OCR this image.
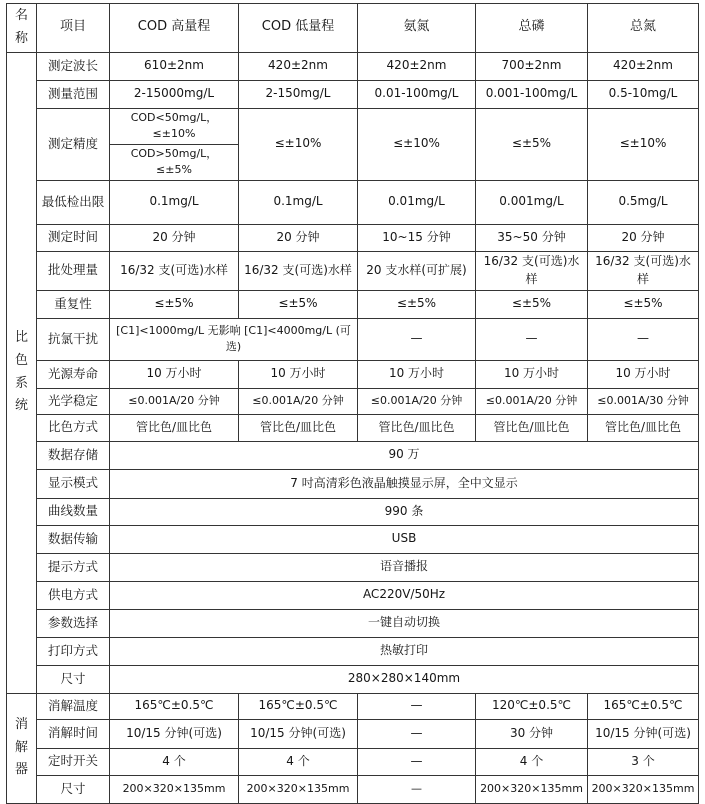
名称	项目	COD 高量程	COD 低量程	氨氮	总磷	总氮

比色系统	测定波长	610±2nm	420±2nm	420±2nm	700±2nm	420±2nm
	测量范围	2-15000mg/L	2-150mg/L	0.01-100mg/L	0.001-100mg/L	0.5-10mg/L
	测定精度	COD<50mg/L，≤±10%	≤±10%	≤±10%	≤±5%	≤±10%
		COD>50mg/L， ≤±5%				
	最低检出限	0.1mg/L	0.1mg/L	0.01mg/L	0.001mg/L	0.5mg/L
	测定时间	20 分钟	20 分钟	10~15 分钟	35~50 分钟	20 分钟
	批处理量	16/32 支(可选)水样	16/32 支(可选)水样	20 支水样(可扩展)	16/32 支(可选)水样	16/32 支(可选)水样
	重复性	≤±5%	≤±5%	≤±5%	≤±5%	≤±5%
	抗氯干扰	[C1]<1000mg/L 无影响 [C1]<4000mg/L (可选)		—	—	—
	光源寿命	10 万小时	10 万小时	10 万小时	10 万小时	10 万小时
	光学稳定	≤0.001A/20 分钟	≤0.001A/20 分钟	≤0.001A/20 分钟	≤0.001A/20 分钟	≤0.001A/30 分钟
	比色方式	管比色/皿比色	管比色/皿比色	管比色/皿比色	管比色/皿比色	管比色/皿比色
	数据存储	90 万				
	显示模式	7 吋高清彩色液晶触摸显示屏，全中文显示				
	曲线数量	990 条				
	数据传输	USB				
	提示方式	语音播报				
	供电方式	AC220V/50Hz				
	参数选择	一键自动切换				
	打印方式	热敏打印				
	尺寸	280×280×140mm				

消解器	消解温度	165℃±0.5℃	165℃±0.5℃	—	120℃±0.5℃	165℃±0.5℃
	消解时间	10/15 分钟(可选)	10/15 分钟(可选)	—	30 分钟	10/15 分钟(可选)
	定时开关	4 个	4 个	—	4 个	3 个
	尺寸	200×320×135mm	200×320×135mm	—	200×320×135mm	200×320×135mm
